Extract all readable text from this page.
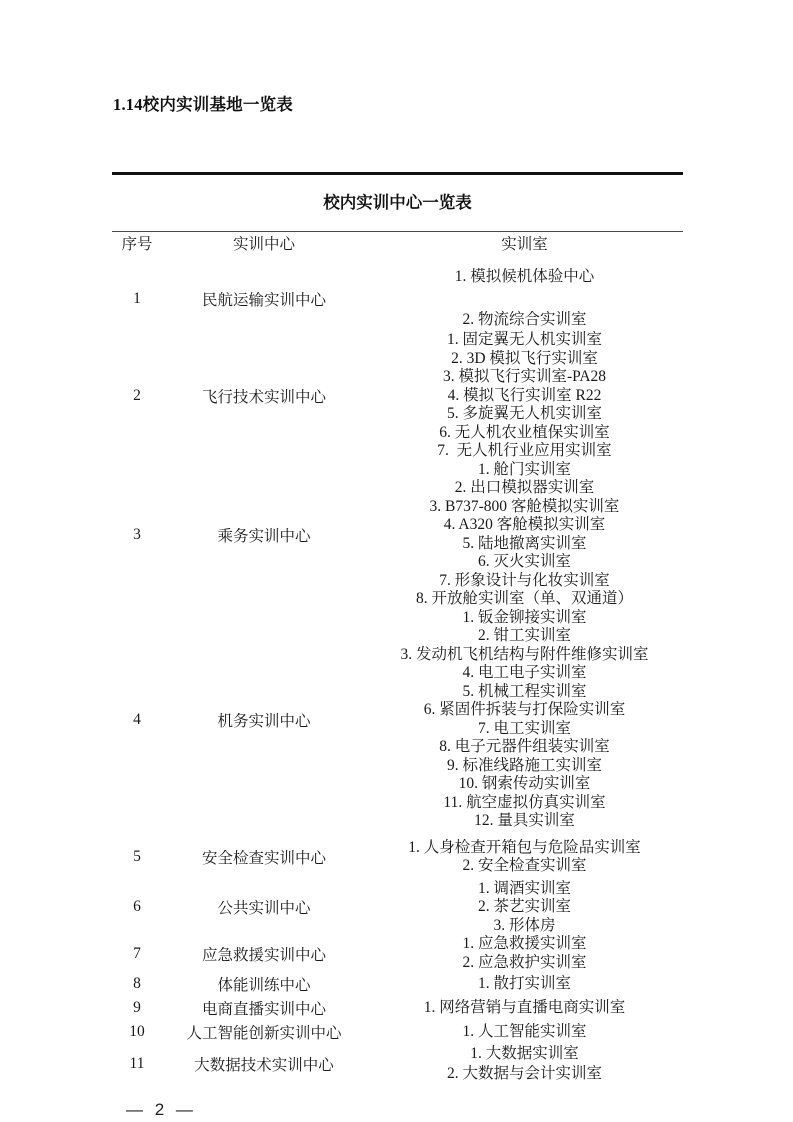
1.14校内实训基地一览表
校内实训中心一览表
序号	实训中心	实训室
1	民航运输实训中心	1. 模拟候机体验中心
2. 物流综合实训室

2	飞行技术实训中心	
1. 固定翼无人机实训室
2. 3D 模拟飞行实训室
3. 模拟飞行实训室-PA28
4. 模拟飞行实训室 R22
5. 多旋翼无人机实训室
6. 无人机农业植保实训室
7.  无人机行业应用实训室

3	乘务实训中心	
1. 舱门实训室
2. 出口模拟器实训室
3. B737-800 客舱模拟实训室
4. A320 客舱模拟实训室
5. 陆地撤离实训室
6. 灭火实训室
7. 形象设计与化妆实训室
8. 开放舱实训室（单、双通道）

4	机务实训中心	
1. 钣金铆接实训室
2. 钳工实训室
3. 发动机飞机结构与附件维修实训室
4. 电工电子实训室
5. 机械工程实训室
6. 紧固件拆装与打保险实训室
7. 电工实训室
8. 电子元器件组装实训室
9. 标准线路施工实训室
10. 钢索传动实训室
11. 航空虚拟仿真实训室
12. 量具实训室

5	安全检查实训中心	1. 人身检查开箱包与危险品实训室
2. 安全检查实训室

6	公共实训中心	1. 调酒实训室
2. 茶艺实训室
3. 形体房

7	应急救援实训中心	1. 应急救援实训室
2. 应急救护实训室

8	体能训练中心	1. 散打实训室

9	电商直播实训中心	1. 网络营销与直播电商实训室

10	人工智能创新实训中心	1. 人工智能实训室

11	大数据技术实训中心	1. 大数据实训室
2. 大数据与会计实训室
— 2 —
